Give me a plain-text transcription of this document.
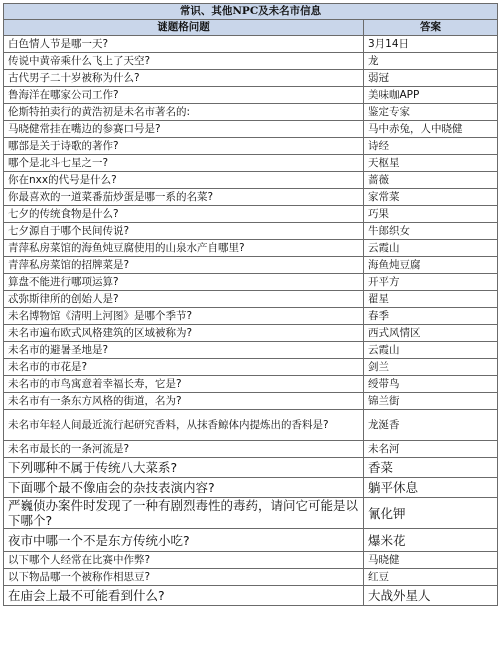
常识、其他NPC及未名市信息	
谜题格问题	答案
白色情人节是哪一天?	3月14日
传说中黄帝乘什么飞上了天空?	龙
古代男子二十岁被称为什么?	弱冠
鲁海洋在哪家公司工作?	美味咖APP
伦斯特拍卖行的黄浩初是未名市著名的:	鉴定专家
马晓健常挂在嘴边的参赛口号是?	马中赤兔，人中晓健
哪部是关于诗歌的著作?	诗经
哪个是北斗七星之一?	天枢星
你在nxx的代号是什么?	蔷薇
你最喜欢的一道菜番茄炒蛋是哪一系的名菜?	家常菜
七夕的传统食物是什么?	巧果
七夕源自于哪个民间传说?	牛郎织女
青萍私房菜馆的海鱼炖豆腐使用的山泉水产自哪里?	云霞山
青萍私房菜馆的招牌菜是?	海鱼炖豆腐
算盘不能进行哪项运算?	开平方
忒弥斯律所的创始人是?	翟星
未名博物馆《清明上河图》是哪个季节?	春季
未名市遍布欧式风格建筑的区域被称为?	西式风情区
未名市的避暑圣地是?	云霞山
未名市的市花是?	剑兰
未名市的市鸟寓意着幸福长寿，它是?	绶带鸟
未名市有一条东方风格的街道，名为?	锦兰街
未名市年轻人间最近流行起研究香料，从抹香鲸体内提炼出的香料是?	龙涎香
未名市最长的一条河流是?	未名河
下列哪种不属于传统八大菜系?	香菜
下面哪个最不像庙会的杂技表演内容?	躺平休息
严巍侦办案件时发现了一种有剧烈毒性的毒药，请问它可能是以下哪个?	氰化钾
夜市中哪一个不是东方传统小吃?	爆米花
以下哪个人经常在比赛中作弊?	马晓健
以下物品哪一个被称作相思豆?	红豆
在庙会上最不可能看到什么?	大战外星人
